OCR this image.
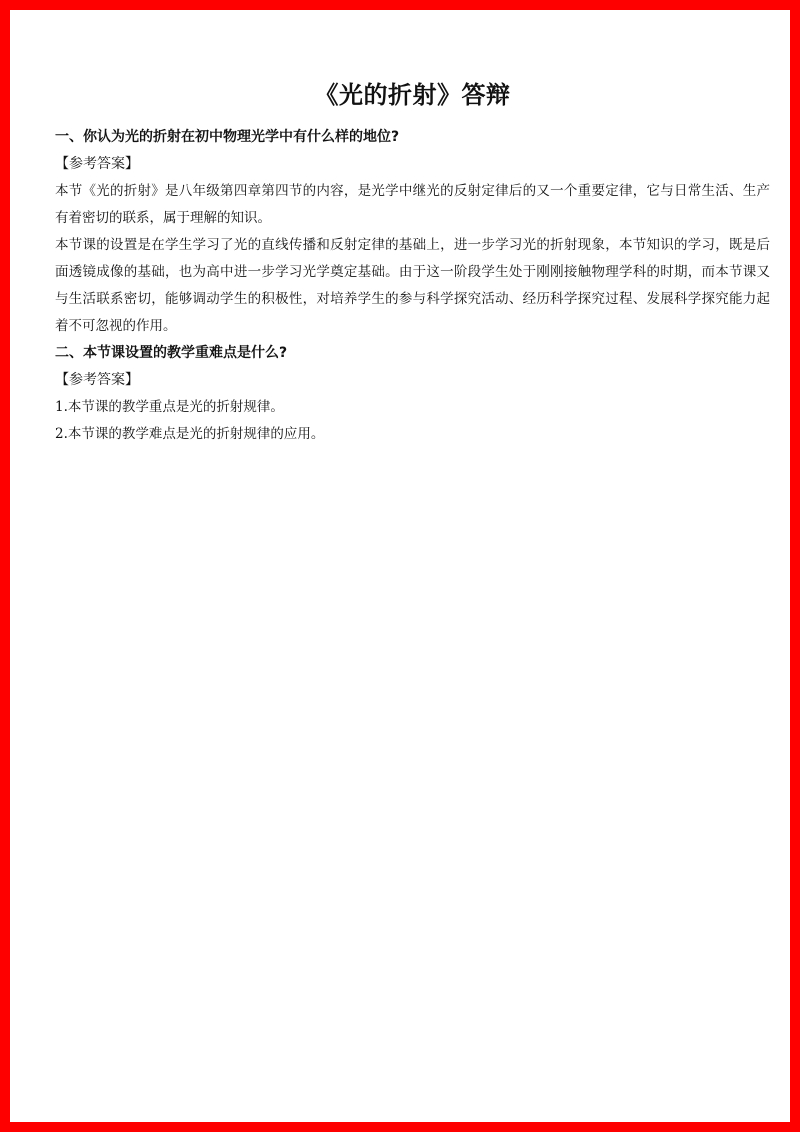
《光的折射》答辩

一、你认为光的折射在初中物理光学中有什么样的地位?

【参考答案】

本节《光的折射》是八年级第四章第四节的内容，是光学中继光的反射定律后的又一个重要定律，它与日常生活、生产有着密切的联系，属于理解的知识。

本节课的设置是在学生学习了光的直线传播和反射定律的基础上，进一步学习光的折射现象，本节知识的学习，既是后面透镜成像的基础，也为高中进一步学习光学奠定基础。由于这一阶段学生处于刚刚接触物理学科的时期，而本节课又与生活联系密切，能够调动学生的积极性，对培养学生的参与科学探究活动、经历科学探究过程、发展科学探究能力起着不可忽视的作用。

二、本节课设置的教学重难点是什么?

【参考答案】

1.本节课的教学重点是光的折射规律。

2.本节课的教学难点是光的折射规律的应用。
